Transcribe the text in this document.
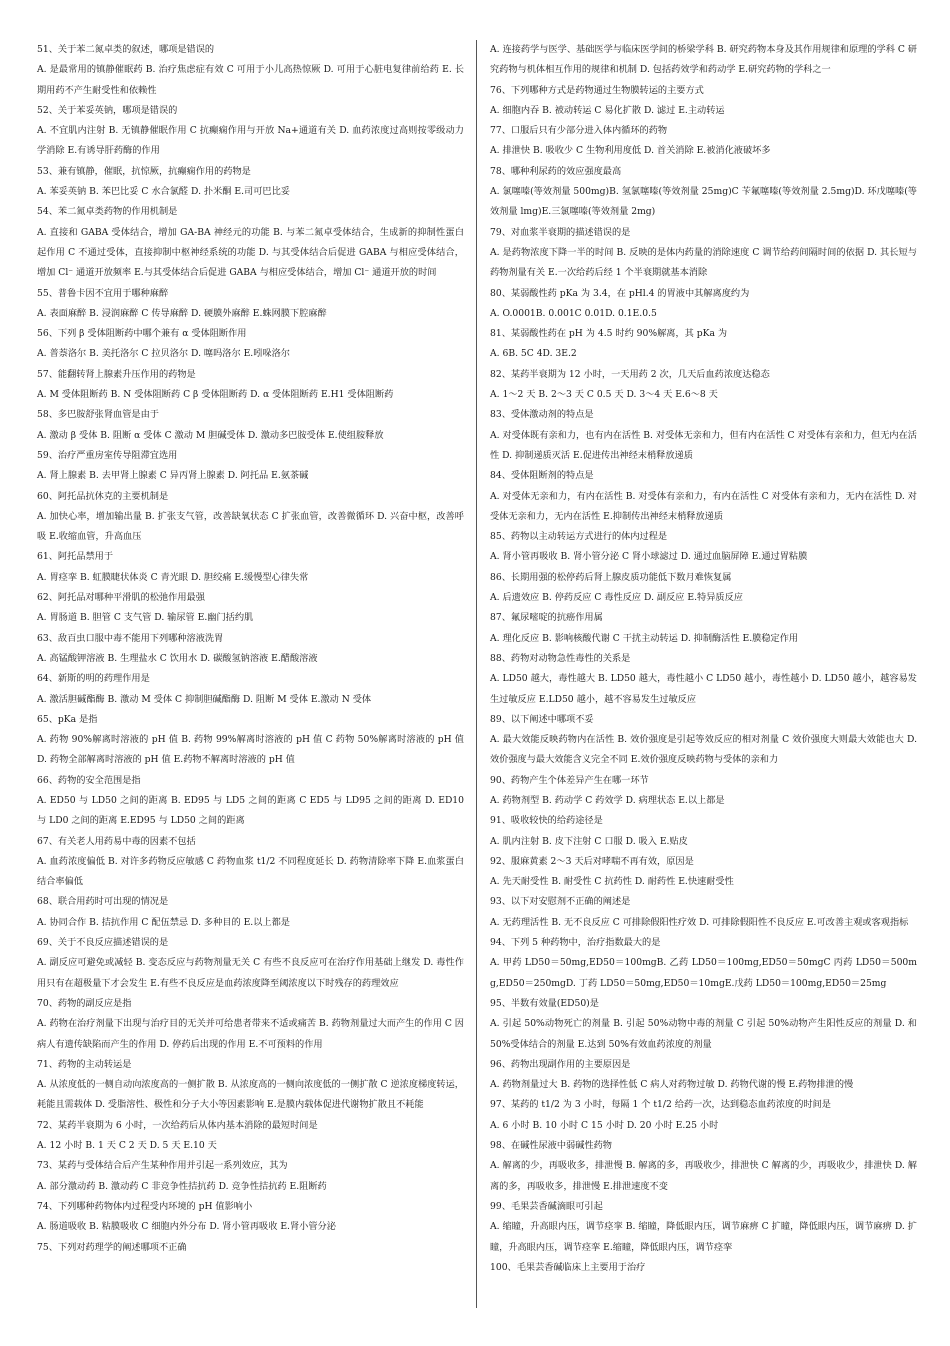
51、关于苯二氮卓类的叙述，哪项是错误的

A. 是最常用的镇静催眠药 B. 治疗焦虑症有效 C 可用于小儿高热惊厥 D. 可用于心脏电复律前给药 E. 长期用药不产生耐受性和依赖性

52、关于苯妥英钠，哪项是错误的

A. 不宜肌内注射 B. 无镇静催眠作用 C 抗癫痫作用与开放 Na+通道有关 D. 血药浓度过高则按零级动力学消除 E.有诱导肝药酶的作用

53、兼有镇静，催眠，抗惊厥，抗癫痫作用的药物是

A. 苯妥英钠 B. 苯巴比妥 C 水合氯醛 D. 扑米酮 E.司可巴比妥

54、苯二氮卓类药物的作用机制是

A. 直接和 GABA 受体结合，增加 GA-BA 神经元的功能 B. 与苯二氮卓受体结合，生成新的抑制性蛋白起作用 C 不通过受体，直接抑制中枢神经系统的功能 D. 与其受体结合后促进 GABA 与相应受体结合，增加 Cl⁻ 通道开放频率 E.与其受体结合后促进 GABA 与相应受体结合，增加 Cl⁻ 通道开放的时间

55、普鲁卡因不宜用于哪种麻醉

A. 表面麻醉 B. 浸润麻醉 C 传导麻醉 D. 硬膜外麻醉 E.蛛网膜下腔麻醉

56、下列 β 受体阻断药中哪个兼有 α 受体阻断作用

A. 普萘洛尔 B. 美托洛尔 C 拉贝洛尔 D. 噻吗洛尔 E.吲哚洛尔

57、能翻转肾上腺素升压作用的药物是

A. M 受体阻断药 B. N 受体阻断药 C β 受体阻断药 D. α 受体阻断药 E.H1 受体阻断药

58、多巴胺舒张肾血管是由于

A. 激动 β 受体 B. 阻断 α 受体 C 激动 M 胆碱受体 D. 激动多巴胺受体 E.使组胺释放

59、治疗严重房室传导阻滞宜选用

A. 肾上腺素 B. 去甲肾上腺素 C 异丙肾上腺素 D. 阿托品 E.氨茶碱

60、阿托品抗休克的主要机制是

A. 加快心率，增加输出量 B. 扩张支气管，改善缺氧状态 C 扩张血管，改善微循环 D. 兴奋中枢，改善呼吸 E.收缩血管，升高血压

61、阿托品禁用于

A. 胃痉挛 B. 虹膜睫状体炎 C 青光眼 D. 胆绞痛 E.缓慢型心律失常

62、阿托品对哪种平滑肌的松弛作用最强

A. 胃肠道 B. 胆管 C 支气管 D. 输尿管 E.幽门括约肌

63、敌百虫口服中毒不能用下列哪种溶液洗胃

A. 高锰酸钾溶液 B. 生理盐水 C 饮用水 D. 碳酸氢钠溶液 E.醋酸溶液

64、新斯的明的药理作用是

A. 激活胆碱酯酶 B. 激动 M 受体 C 抑制胆碱酯酶 D. 阻断 M 受体 E.激动 N 受体

65、pKa 是指

A. 药物 90%解离时溶液的 pH 值 B. 药物 99%解离时溶液的 pH 值 C 药物 50%解离时溶液的 pH 值 D. 药物全部解离时溶液的 pH 值 E.药物不解离时溶液的 pH 值

66、药物的安全范围是指

A. ED50 与 LD50 之间的距离 B. ED95 与 LD5 之间的距离 C ED5 与 LD95 之间的距离 D. ED10 与 LD0 之间的距离 E.ED95 与 LD50 之间的距离

67、有关老人用药易中毒的因素不包括

A. 血药浓度偏低 B. 对许多药物反应敏感 C 药物血浆 t1/2 不同程度延长 D. 药物清除率下降 E.血浆蛋白结合率偏低

68、联合用药时可出现的情况是

A. 协同合作 B. 拮抗作用 C 配伍禁忌 D. 多种目的 E.以上都是

69、关于不良反应描述错误的是

A. 副反应可避免或减轻 B. 变态反应与药物剂量无关 C 有些不良反应可在治疗作用基础上继发 D. 毒性作用只有在超极量下才会发生 E.有些不良反应是血药浓度降至阈浓度以下时残存的药理效应

70、药物的副反应是指

A. 药物在治疗剂量下出现与治疗目的无关并可给患者带来不适或痛苦 B. 药物剂量过大而产生的作用 C 因病人有遗传缺陷而产生的作用 D. 停药后出现的作用 E.不可预料的作用

71、药物的主动转运是

A. 从浓度低的一侧自动向浓度高的一侧扩散 B. 从浓度高的一侧向浓度低的一侧扩散 C 逆浓度梯度转运，耗能且需载体 D. 受脂溶性、极性和分子大小等因素影响 E.是膜内载体促进代谢物扩散且不耗能

72、某药半衰期为 6 小时，一次给药后从体内基本消除的最短时间是

A. 12 小时 B. 1 天 C 2 天 D. 5 天 E.10 天

73、某药与受体结合后产生某种作用并引起一系列效应，其为

A. 部分激动药 B. 激动药 C 非竞争性拮抗药 D. 竞争性拮抗药 E.阻断药

74、下列哪种药物体内过程受内环境的 pH 值影响小

A. 肠道吸收 B. 粘膜吸收 C 细胞内外分布 D. 肾小管再吸收 E.肾小管分泌

75、下列对药理学的阐述哪项不正确

A. 连接药学与医学、基础医学与临床医学间的桥梁学科 B. 研究药物本身及其作用规律和原理的学科 C 研究药物与机体相互作用的规律和机制 D. 包括药效学和药动学 E.研究药物的学科之一

76、下列哪种方式是药物通过生物膜转运的主要方式

A. 细胞内吞 B. 被动转运 C 易化扩散 D. 滤过 E.主动转运

77、口服后只有少部分进入体内循环的药物

A. 排泄快 B. 吸收少 C 生物利用度低 D. 首关消除 E.被消化液破坏多

78、哪种利尿药的效应强度最高

A. 氯噻嗪(等效剂量 500mg)B. 氢氯噻嗪(等效剂量 25mg)C 苄氟噻嗪(等效剂量 2.5mg)D. 环戊噻嗪(等效剂量 lmg)E.三氯噻嗪(等效剂量 2mg)

79、对血浆半衰期的描述错误的是

A. 是药物浓度下降一半的时间 B. 反映的是体内药量的消除速度 C 调节给药间隔时间的依据 D. 其长短与药物剂量有关 E.一次给药后经 1 个半衰期就基本消除

80、某弱酸性药 pKa 为 3.4，在 pHl.4 的胃液中其解离度约为

A. O.0001B. 0.001C 0.01D. 0.1E.0.5

81、某弱酸性药在 pH 为 4.5 时约 90%解离，其 pKa 为

A. 6B. 5C 4D. 3E.2

82、某药半衰期为 12 小时，一天用药 2 次，几天后血药浓度达稳态

A. 1～2 天 B. 2～3 天 C 0.5 天 D. 3～4 天 E.6～8 天

83、受体激动剂的特点是

A. 对受体既有亲和力，也有内在活性 B. 对受体无亲和力，但有内在活性 C 对受体有亲和力，但无内在活性 D. 抑制递质灭活 E.促进传出神经末梢释放递质

84、受体阻断剂的特点是

A. 对受体无亲和力，有内在活性 B. 对受体有亲和力，有内在活性 C 对受体有亲和力，无内在活性 D. 对受体无亲和力，无内在活性 E.抑制传出神经末梢释放递质

85、药物以主动转运方式进行的体内过程是

A. 肾小管再吸收 B. 肾小管分泌 C 肾小球滤过 D. 通过血脑屏障 E.通过胃粘膜

86、长期用强的松停药后肾上腺皮质功能低下数月难恢复属

A. 后遗效应 B. 停药反应 C 毒性反应 D. 副反应 E.特异质反应

87、氟尿嘧啶的抗癌作用属

A. 理化反应 B. 影响核酸代谢 C 干扰主动转运 D. 抑制酶活性 E.膜稳定作用

88、药物对动物急性毒性的关系是

A. LD50 越大，毒性越大 B. LD50 越大，毒性越小 C LD50 越小，毒性越小 D. LD50 越小，越容易发生过敏反应 E.LD50 越小，越不容易发生过敏反应

89、以下阐述中哪项不妥

A. 最大效能反映药物内在活性 B. 效价强度是引起等效反应的相对剂量 C 效价强度大则最大效能也大 D. 效价强度与最大效能含义完全不同 E.效价强度反映药物与受体的亲和力

90、药物产生个体差异产生在哪一环节

A. 药物剂型 B. 药动学 C 药效学 D. 病理状态 E.以上都是

91、吸收较快的给药途径是

A. 肌内注射 B. 皮下注射 C 口服 D. 吸入 E.贴皮

92、服麻黄素 2～3 天后对哮喘不再有效，原因是

A. 先天耐受性 B. 耐受性 C 抗药性 D. 耐药性 E.快速耐受性

93、以下对安慰剂不正确的阐述是

A. 无药理活性 B. 无不良反应 C 可排除假阳性疗效 D. 可排除假阳性不良反应 E.可改善主观或客观指标

94、下列 5 种药物中，治疗指数最大的是

A. 甲药 LD50＝50mg,ED50＝100mgB. 乙药 LD50＝100mg,ED50＝50mgC 丙药 LD50＝500mg,ED50＝250mgD. 丁药 LD50＝50mg,ED50＝10mgE.戊药 LD50＝100mg,ED50＝25mg

95、半数有效量(ED50)是

A. 引起 50%动物死亡的剂量 B. 引起 50%动物中毒的剂量 C 引起 50%动物产生阳性反应的剂量 D. 和 50%受体结合的剂量 E.达到 50%有效血药浓度的剂量

96、药物出现副作用的主要原因是

A. 药物剂量过大 B. 药物的选择性低 C 病人对药物过敏 D. 药物代谢的慢 E.药物排泄的慢

97、某药的 t1/2 为 3 小时，每隔 1 个 t1/2 给药一次，达到稳态血药浓度的时间是

A. 6 小时 B. 10 小时 C 15 小时 D. 20 小时 E.25 小时

98、在碱性尿液中弱碱性药物

A. 解离的少，再吸收多，排泄慢 B. 解离的多，再吸收少，排泄快 C 解离的少，再吸收少，排泄快 D. 解离的多，再吸收多，排泄慢 E.排泄速度不变

99、毛果芸香碱滴眼可引起

A. 缩瞳，升高眼内压，调节痉挛 B. 缩瞳，降低眼内压，调节麻痹 C 扩瞳，降低眼内压，调节麻痹 D. 扩瞳，升高眼内压，调节痉挛 E.缩瞳，降低眼内压，调节痉挛

100、毛果芸香碱临床上主要用于治疗
